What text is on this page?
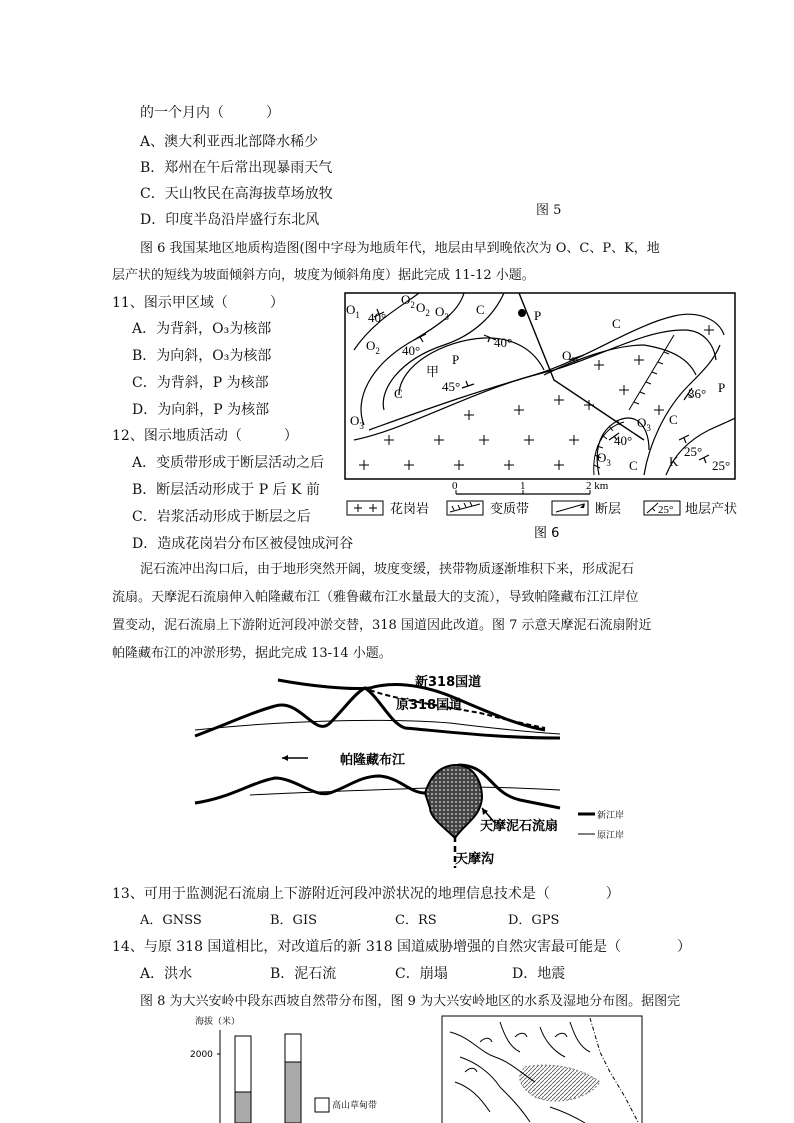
的一个月内（　　　）
A、澳大利亚西北部降水稀少
B．郑州在午后常出现暴雨天气
C．天山牧民在高海拔草场放牧
D．印度半岛沿岸盛行东北风
图 5
图 6 我国某地区地质构造图(图中字母为地质年代，地层由早到晚依次为 O、C、P、K，地
层产状的短线为坡面倾斜方向，坡度为倾斜角度）据此完成 11-12 小题。
11、图示甲区域（　　　）
A．为背斜，O₃为核部
B．为向斜，O₃为核部
C．为背斜，P 为核部
D．为向斜，P 为核部
12、图示地质活动（　　　）
A．变质带形成于断层活动之后
B．断层活动形成于 P 后 K 前
C．岩浆活动形成于断层之后
D．造成花岗岩分布区被侵蚀成河谷
$O_1$
$O_2$ $O_2$ $O_3$
$O_2$
$O_3$
$O_3$
$O_3$
$O_3$
C
C
C
C
C
P
P
P
K
甲
40°
40°
40°
40°
45°	36°
25°
25°
0	1	2 km
花岗岩	变质带	断层	25° 地层产状
图 6
泥石流冲出沟口后，由于地形突然开阔，坡度变缓，挟带物质逐渐堆积下来，形成泥石
流扇。天摩泥石流扇伸入帕隆藏布江（雅鲁藏布江水量最大的支流），导致帕隆藏布江江岸位
置变动，泥石流扇上下游附近河段冲淤交替，318 国道因此改道。图 7 示意天摩泥石流扇附近
帕隆藏布江的冲淤形势，据此完成 13-14 小题。
新318国道
原318国道
帕隆藏布江
天摩泥石流扇
天摩沟
新江岸
原江岸
13、可用于监测泥石流扇上下游附近河段冲淤状况的地理信息技术是（　　　　）
A．GNSS	B．GIS	C．RS	D．GPS
14、与原 318 国道相比，对改道后的新 318 国道威胁增强的自然灾害最可能是（　　　　）
A．洪水	B．泥石流	C．崩塌	D．地震
图 8 为大兴安岭中段东西坡自然带分布图，图 9 为大兴安岭地区的水系及湿地分布图。据图完
海拔（米）
2000
高山草甸带
